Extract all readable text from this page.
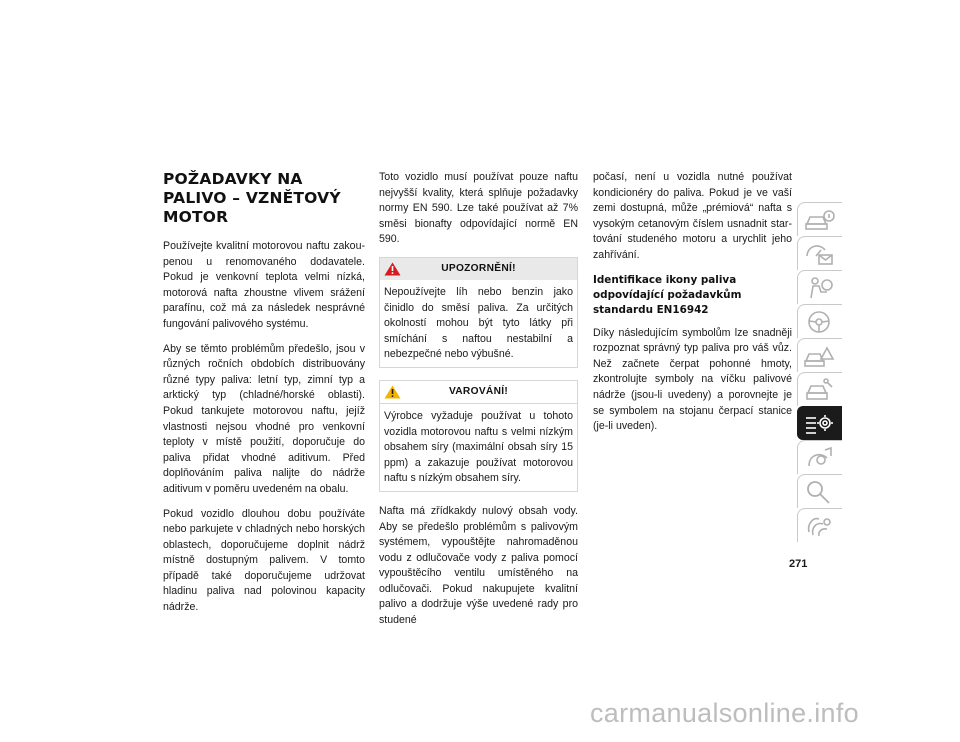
POŽADAVKY NA PALIVO – VZNĚTOVÝ MOTOR

Používejte kvalitní motorovou naftu zakoupenou u renomovaného dodavatele. Pokud je venkovní teplota velmi nízká, motorová nafta zhoustne vlivem srážení parafínu, což má za následek nesprávné fungování palivového systému.

Aby se těmto problémům předešlo, jsou v různých ročních obdobích distribuovány různé typy paliva: letní typ, zimní typ a arktický typ (chladné/horské oblasti). Pokud tankujete motorovou naftu, jejíž vlastnosti nejsou vhodné pro venkovní teploty v místě použití, doporučuje do paliva přidat vhodné aditivum. Před doplňováním paliva nalijte do nádrže aditivum v poměru uvedeném na obalu.

Pokud vozidlo dlouhou dobu používáte nebo parkujete v chladných nebo horských oblastech, doporučujeme doplnit nádrž místně dostupným palivem. V tomto případě také doporučujeme udržovat hladinu paliva nad polovinou kapacity nádrže.

Toto vozidlo musí používat pouze naftu nejvyšší kvality, která splňuje požadavky normy EN 590. Lze také používat až 7% směsi bionafty odpovídající normě EN 590.

UPOZORNĚNÍ!
Nepoužívejte líh nebo benzin jako činidlo do směsí paliva. Za určitých okolností mohou být tyto látky při smíchání s naftou nestabilní a nebezpečné nebo výbušné.
VAROVÁNÍ!
Výrobce vyžaduje používat u tohoto vozidla motorovou naftu s velmi nízkým obsahem síry (maximální obsah síry 15 ppm) a zakazuje používat motorovou naftu s nízkým obsahem síry.

Nafta má zřídkakdy nulový obsah vody. Aby se předešlo problémům s palivovým systémem, vypouštějte nahromaděnou vodu z odlučovače vody z paliva pomocí vypouštěcího ventilu umístěného na odlučovači. Pokud nakupujete kvalitní palivo a dodržuje výše uvedené rady pro studené

počasí, není u vozidla nutné používat kondicionéry do paliva. Pokud je ve vaší zemi dostupná, může „prémiová“ nafta s vysokým cetanovým číslem usnadnit startování studeného motoru a urychlit jeho zahřívání.

Identifikace ikony paliva odpovídající požadavkům standardu EN16942

Díky následujícím symbolům lze snadněji rozpoznat správný typ paliva pro váš vůz. Než začnete čerpat pohonné hmoty, zkontrolujte symboly na víčku palivové nádrže (jsou-li uvedeny) a porovnejte je se symbolem na stojanu čerpací stanice (je-li uveden).

271
carmanualsonline.info
